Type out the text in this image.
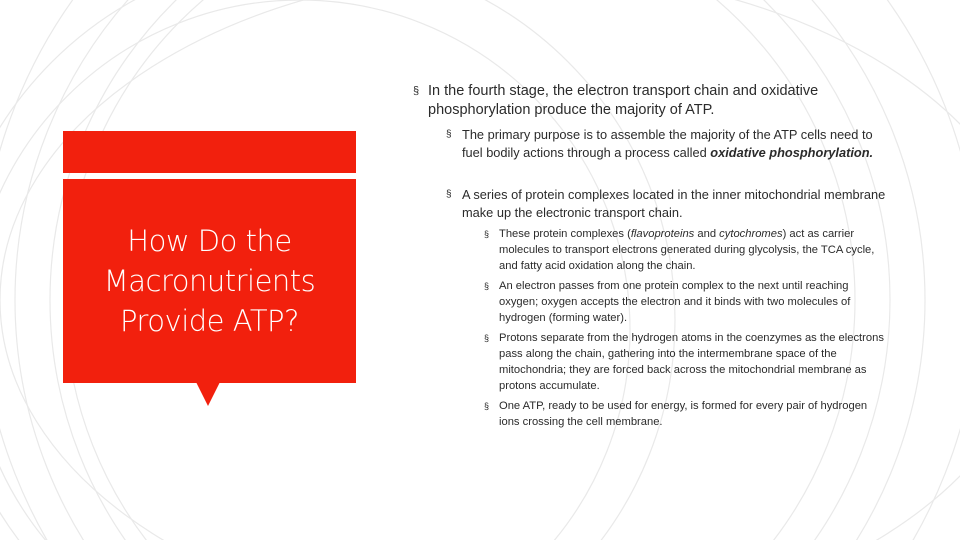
How Do the
Macronutrients
Provide ATP?
§ In the fourth stage, the electron transport chain and oxidative phosphorylation produce the majority of ATP.
§ The primary purpose is to assemble the majority of the ATP cells need to fuel bodily actions through a process called oxidative phosphorylation.
§ A series of protein complexes located in the inner mitochondrial membrane make up the electronic transport chain.
§ These protein complexes (flavoproteins and cytochromes) act as carrier molecules to transport electrons generated during glycolysis, the TCA cycle, and fatty acid oxidation along the chain.
§ An electron passes from one protein complex to the next until reaching oxygen; oxygen accepts the electron and it binds with two molecules of hydrogen (forming water).
§ Protons separate from the hydrogen atoms in the coenzymes as the electrons pass along the chain, gathering into the intermembrane space of the mitochondria; they are forced back across the mitochondrial membrane as protons accumulate.
§ One ATP, ready to be used for energy, is formed for every pair of hydrogen ions crossing the cell membrane.
